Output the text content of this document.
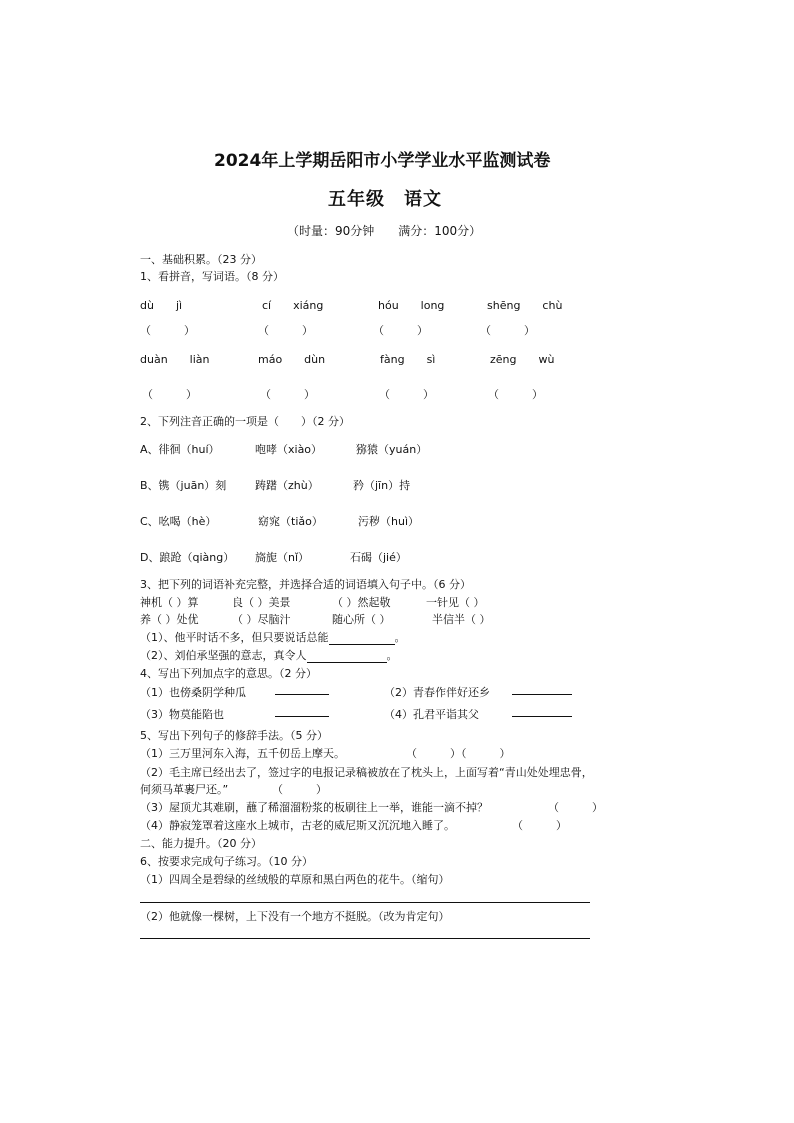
2024年上学期岳阳市小学学业水平监测试卷
五年级　语文
（时量：90分钟　　满分：100分）
一、基础积累。（23 分）
1、看拼音，写词语。（8 分）
dù　　jì	cí　　xiáng	hóu　　long	shēng　　chù
（　　　）	（　　　）	（　　　）	（　　　）
duàn　　liàn	máo　　dùn	fàng　　sì	zēng　　wù
（　　　）	（　　　）	（　　　）	（　　　）
2、下列注音正确的一项是（　　）（2 分）
A、徘徊（huí）	咆哮（xiào）	猕猿（yuán）
B、镌（juān）刻	踌躇（zhù）	矜（jīn）持
C、吆喝（hè）	窈窕（tiǎo）	污秽（huì）
D、踉跄（qiàng） 旖旎（nǐ）	石碣（jié）
3、把下列的词语补充完整，并选择合适的词语填入句子中。（6 分）
神机（ ）算	良（ ）美景	（ ）然起敬	一针见（ ）
养（ ）处优	（ ）尽脑汁	随心所（ ）	半信半（ ）
（1）、他平时话不多，但只要说话总能	。
（2）、刘伯承坚强的意志，真令人	。
4、写出下列加点字的意思。（2 分）
（1）也傍桑阴学种瓜	（2）青春作伴好还乡
（3）物莫能陷也	（4）孔君平诣其父
5、写出下列句子的修辞手法。（5 分）
（1）三万里河东入海，五千仞岳上摩天。	（　　　）（　　　）
（2）毛主席已经出去了，签过字的电报记录稿被放在了枕头上，上面写着“青山处处埋忠骨，
何须马革裹尸还。”	（　　　）
（3）屋顶尤其难刷，蘸了稀溜溜粉浆的板刷往上一举，谁能一滴不掉？	（　　　）
（4）静寂笼罩着这座水上城市，古老的威尼斯又沉沉地入睡了。	（　　　）
二、能力提升。（20 分）
6、按要求完成句子练习。（10 分）
（1）四周全是碧绿的丝绒般的草原和黑白两色的花牛。（缩句）
（2）他就像一棵树，上下没有一个地方不挺脱。（改为肯定句）
